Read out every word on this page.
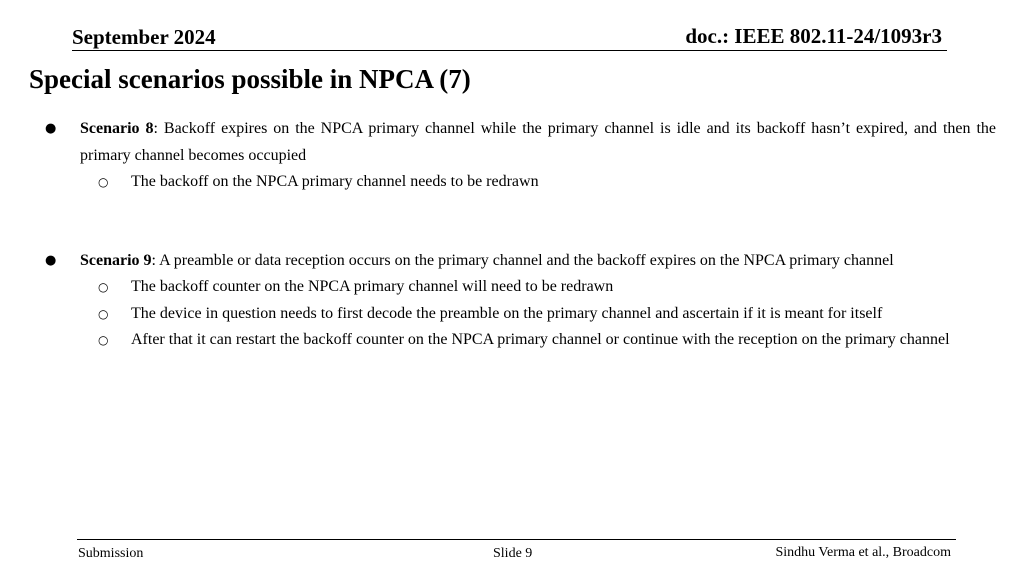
September 2024	doc.: IEEE 802.11-24/1093r3
Special scenarios possible in NPCA (7)
● Scenario 8: Backoff expires on the NPCA primary channel while the primary channel is idle and its backoff hasn’t expired, and then the primary channel becomes occupied
○ The backoff on the NPCA primary channel needs to be redrawn
● Scenario 9: A preamble or data reception occurs on the primary channel and the backoff expires on the NPCA primary channel
○ The backoff counter on the NPCA primary channel will need to be redrawn
○ The device in question needs to first decode the preamble on the primary channel and ascertain if it is meant for itself
○ After that it can restart the backoff counter on the NPCA primary channel or continue with the reception on the primary channel
Submission	Slide 9	Sindhu Verma et al., Broadcom
